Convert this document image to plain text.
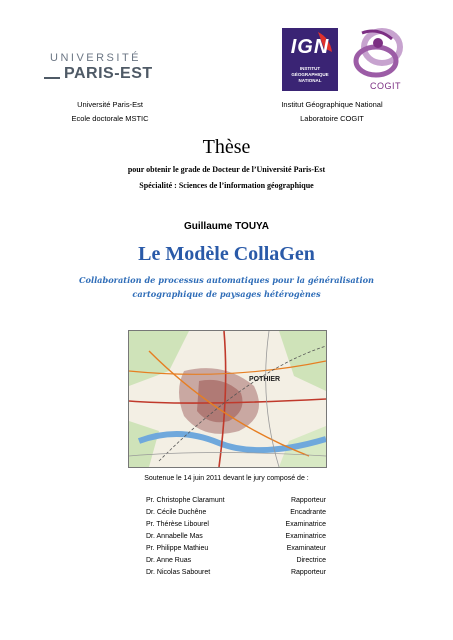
UNIVERSITÉ
PARIS-EST
IGN
INSTITUT
GÉOGRAPHIQUE
NATIONAL
COGIT
Université Paris-Est
Ecole doctorale MSTIC
Institut Géographique National
Laboratoire COGIT
Thèse
pour obtenir le grade de Docteur de l’Université Paris-Est
Spécialité : Sciences de l’information géographique
Guillaume TOUYA
Le Modèle CollaGen
Collaboration de processus automatiques pour la généralisation
cartographique de paysages hétérogènes
POTHIER
Soutenue le 14 juin 2011 devant le jury composé de :
Pr. Christophe Claramunt	Rapporteur
Dr. Cécile Duchêne	Encadrante
Pr. Thérèse Libourel	Examinatrice
Dr. Annabelle Mas	Examinatrice
Pr. Philippe Mathieu	Examinateur
Dr. Anne Ruas	Directrice
Dr. Nicolas Sabouret	Rapporteur
